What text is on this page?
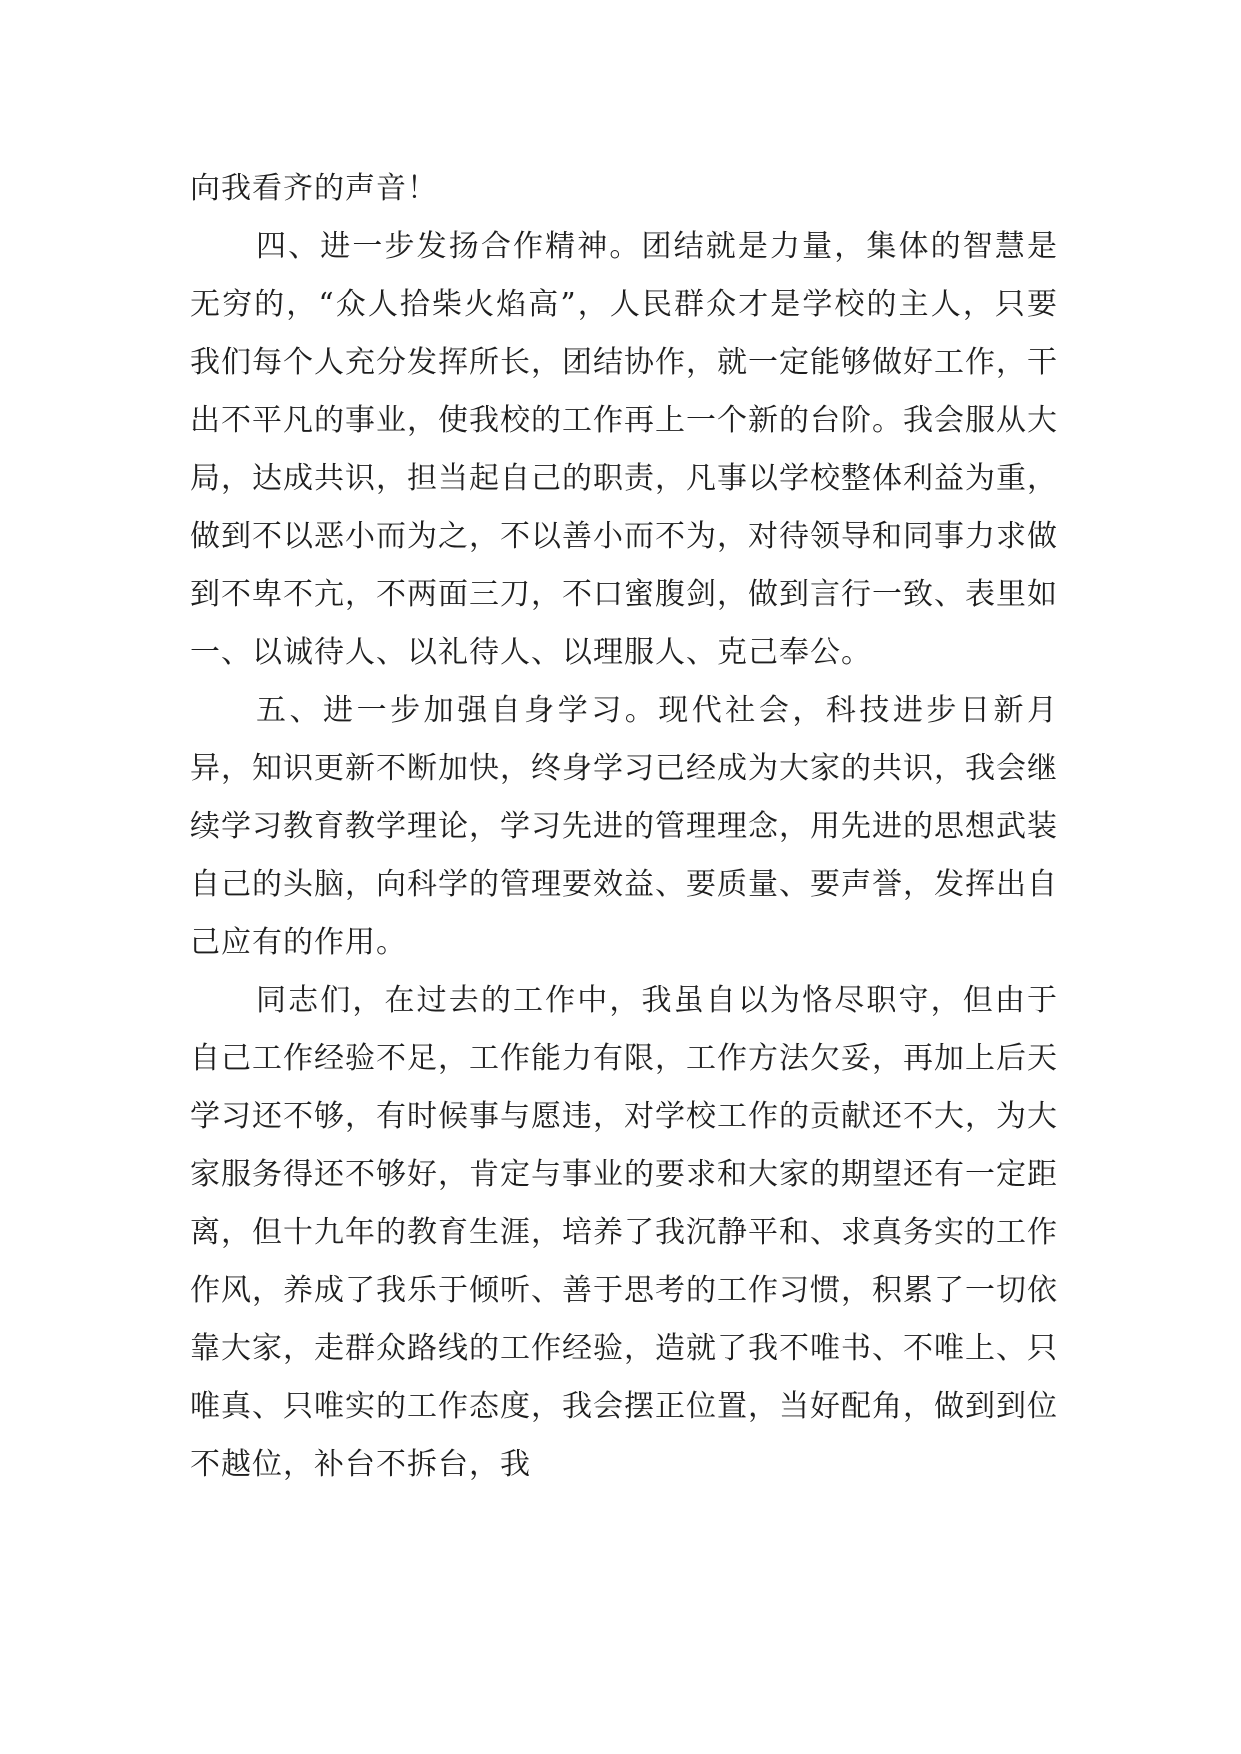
向我看齐的声音！

四、进一步发扬合作精神。团结就是力量，集体的智慧是无穷的，“众人拾柴火焰高”，人民群众才是学校的主人，只要我们每个人充分发挥所长，团结协作，就一定能够做好工作，干出不平凡的事业，使我校的工作再上一个新的台阶。我会服从大局，达成共识，担当起自己的职责，凡事以学校整体利益为重，做到不以恶小而为之，不以善小而不为，对待领导和同事力求做到不卑不亢，不两面三刀，不口蜜腹剑，做到言行一致、表里如一、以诚待人、以礼待人、以理服人、克己奉公。

五、进一步加强自身学习。现代社会，科技进步日新月异，知识更新不断加快，终身学习已经成为大家的共识，我会继续学习教育教学理论，学习先进的管理理念，用先进的思想武装自己的头脑，向科学的管理要效益、要质量、要声誉，发挥出自己应有的作用。

同志们，在过去的工作中，我虽自以为恪尽职守，但由于自己工作经验不足，工作能力有限，工作方法欠妥，再加上后天学习还不够，有时候事与愿违，对学校工作的贡献还不大，为大家服务得还不够好，肯定与事业的要求和大家的期望还有一定距离，但十九年的教育生涯，培养了我沉静平和、求真务实的工作作风，养成了我乐于倾听、善于思考的工作习惯，积累了一切依靠大家，走群众路线的工作经验，造就了我不唯书、不唯上、只唯真、只唯实的工作态度，我会摆正位置，当好配角，做到到位不越位，补台不拆台，我
